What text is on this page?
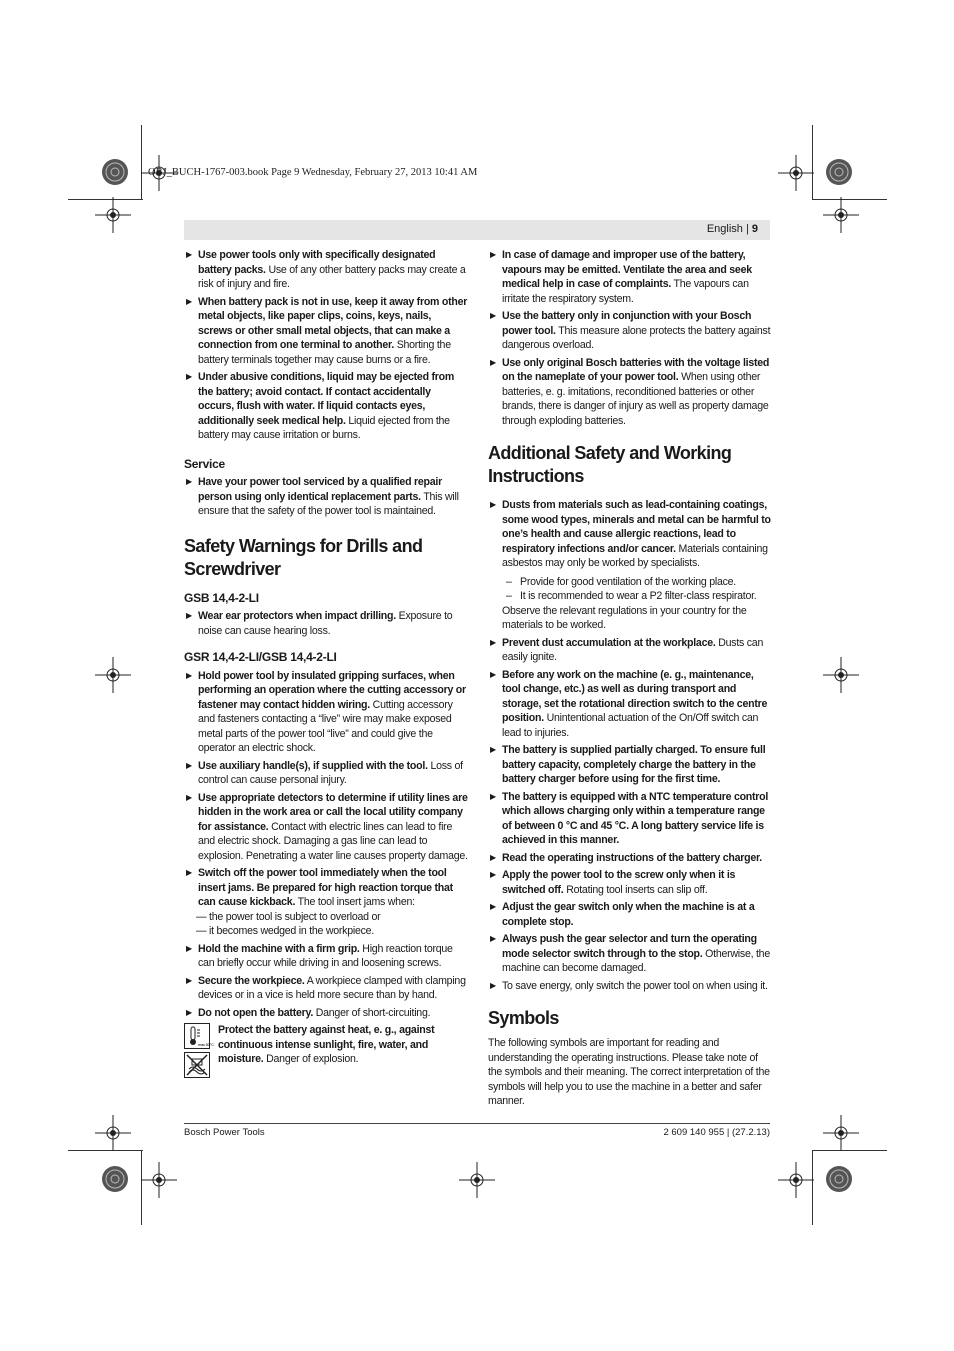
OBJ_BUCH-1767-003.book Page 9 Wednesday, February 27, 2013 10:41 AM
English | 9
▶ Use power tools only with specifically designated battery packs. Use of any other battery packs may create a risk of injury and fire.
▶ When battery pack is not in use, keep it away from other metal objects, like paper clips, coins, keys, nails, screws or other small metal objects, that can make a connection from one terminal to another. Shorting the battery terminals together may cause burns or a fire.
▶ Under abusive conditions, liquid may be ejected from the battery; avoid contact. If contact accidentally occurs, flush with water. If liquid contacts eyes, additionally seek medical help. Liquid ejected from the battery may cause irritation or burns.
Service
▶ Have your power tool serviced by a qualified repair person using only identical replacement parts. This will ensure that the safety of the power tool is maintained.
Safety Warnings for Drills and Screwdriver
GSB 14,4-2-LI
▶ Wear ear protectors when impact drilling. Exposure to noise can cause hearing loss.
GSR 14,4-2-LI/GSB 14,4-2-LI
▶ Hold power tool by insulated gripping surfaces, when performing an operation where the cutting accessory or fastener may contact hidden wiring. Cutting accessory and fasteners contacting a “live” wire may make exposed metal parts of the power tool “live” and could give the operator an electric shock.
▶ Use auxiliary handle(s), if supplied with the tool. Loss of control can cause personal injury.
▶ Use appropriate detectors to determine if utility lines are hidden in the work area or call the local utility company for assistance. Contact with electric lines can lead to fire and electric shock. Damaging a gas line can lead to explosion. Penetrating a water line causes property damage.
▶ Switch off the power tool immediately when the tool insert jams. Be prepared for high reaction torque that can cause kickback. The tool insert jams when:
— the power tool is subject to overload or
— it becomes wedged in the workpiece.
▶ Hold the machine with a firm grip. High reaction torque can briefly occur while driving in and loosening screws.
▶ Secure the workpiece. A workpiece clamped with clamping devices or in a vice is held more secure than by hand.
▶ Do not open the battery. Danger of short-circuiting.
max 50°C
Protect the battery against heat, e. g., against continuous intense sunlight, fire, water, and moisture. Danger of explosion.
▶ In case of damage and improper use of the battery, vapours may be emitted. Ventilate the area and seek medical help in case of complaints. The vapours can irritate the respiratory system.
▶ Use the battery only in conjunction with your Bosch power tool. This measure alone protects the battery against dangerous overload.
▶ Use only original Bosch batteries with the voltage listed on the nameplate of your power tool. When using other batteries, e. g. imitations, reconditioned batteries or other brands, there is danger of injury as well as property damage through exploding batteries.
Additional Safety and Working Instructions
▶ Dusts from materials such as lead-containing coatings, some wood types, minerals and metal can be harmful to one’s health and cause allergic reactions, lead to respiratory infections and/or cancer. Materials containing asbestos may only be worked by specialists.
– Provide for good ventilation of the working place.
– It is recommended to wear a P2 filter-class respirator.
Observe the relevant regulations in your country for the materials to be worked.
▶ Prevent dust accumulation at the workplace. Dusts can easily ignite.
▶ Before any work on the machine (e. g., maintenance, tool change, etc.) as well as during transport and storage, set the rotational direction switch to the centre position. Unintentional actuation of the On/Off switch can lead to injuries.
▶ The battery is supplied partially charged. To ensure full battery capacity, completely charge the battery in the battery charger before using for the first time.
▶ The battery is equipped with a NTC temperature control which allows charging only within a temperature range of between 0 °C and 45 °C. A long battery service life is achieved in this manner.
▶ Read the operating instructions of the battery charger.
▶ Apply the power tool to the screw only when it is switched off. Rotating tool inserts can slip off.
▶ Adjust the gear switch only when the machine is at a complete stop.
▶ Always push the gear selector and turn the operating mode selector switch through to the stop. Otherwise, the machine can become damaged.
▶ To save energy, only switch the power tool on when using it.
Symbols
The following symbols are important for reading and understanding the operating instructions. Please take note of the symbols and their meaning. The correct interpretation of the symbols will help you to use the machine in a better and safer manner.
Bosch Power Tools	2 609 140 955 | (27.2.13)
